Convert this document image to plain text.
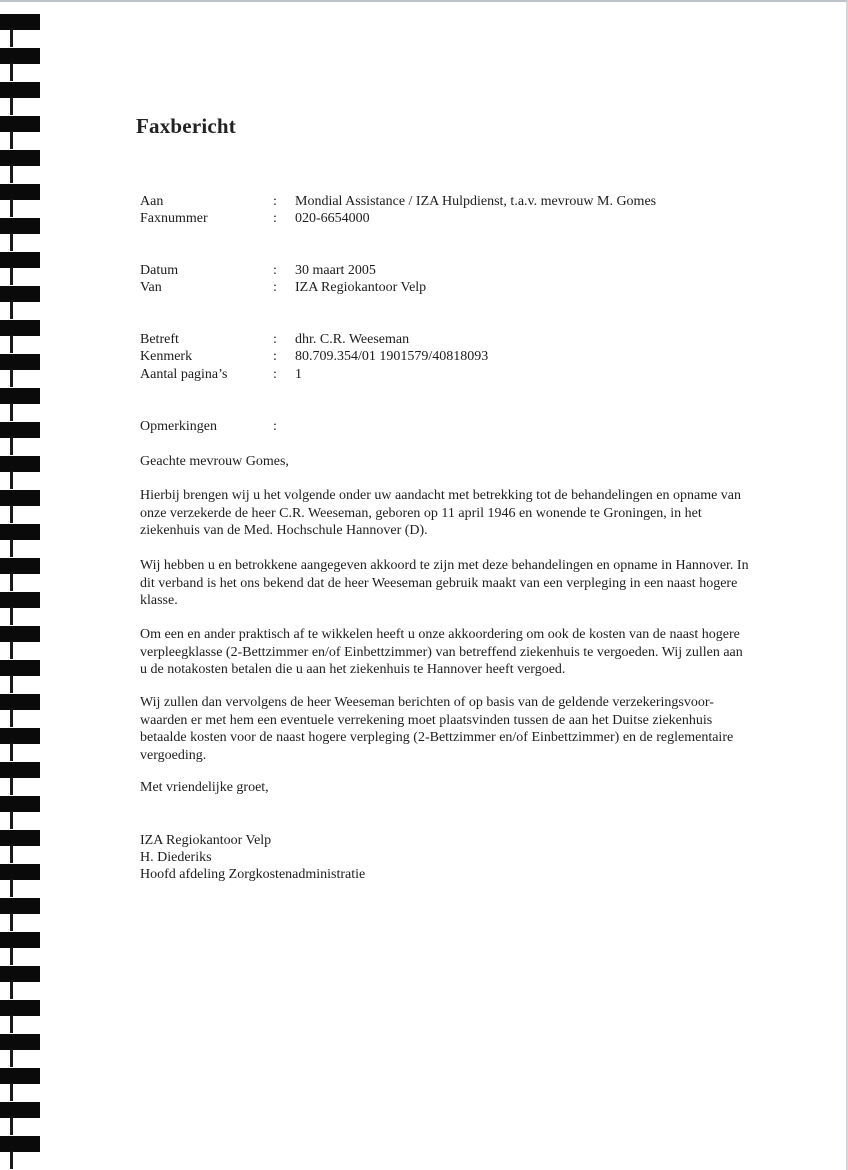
Faxbericht
Aan	: Mondial Assistance / IZA Hulpdienst, t.a.v. mevrouw M. Gomes
Faxnummer	: 020-6654000
Datum	: 30 maart 2005
Van	: IZA Regiokantoor Velp
Betreft	: dhr. C.R. Weeseman
Kenmerk	: 80.709.354/01 1901579/40818093
Aantal pagina’s	: 1
Opmerkingen	:
Geachte mevrouw Gomes,
Hierbij brengen wij u het volgende onder uw aandacht met betrekking tot de behandelingen en opname van
onze verzekerde de heer C.R. Weeseman, geboren op 11 april 1946 en wonende te Groningen, in het
ziekenhuis van de Med. Hochschule Hannover (D).
Wij hebben u en betrokkene aangegeven akkoord te zijn met deze behandelingen en opname in Hannover. In
dit verband is het ons bekend dat de heer Weeseman gebruik maakt van een verpleging in een naast hogere
klasse.
Om een en ander praktisch af te wikkelen heeft u onze akkoordering om ook de kosten van de naast hogere
verpleegklasse (2-Bettzimmer en/of Einbettzimmer) van betreffend ziekenhuis te vergoeden. Wij zullen aan
u de notakosten betalen die u aan het ziekenhuis te Hannover heeft vergoed.
Wij zullen dan vervolgens de heer Weeseman berichten of op basis van de geldende verzekeringsvoor-
waarden er met hem een eventuele verrekening moet plaatsvinden tussen de aan het Duitse ziekenhuis
betaalde kosten voor de naast hogere verpleging (2-Bettzimmer en/of Einbettzimmer) en de reglementaire
vergoeding.
Met vriendelijke groet,
IZA Regiokantoor Velp
H. Diederiks
Hoofd afdeling Zorgkostenadministratie
